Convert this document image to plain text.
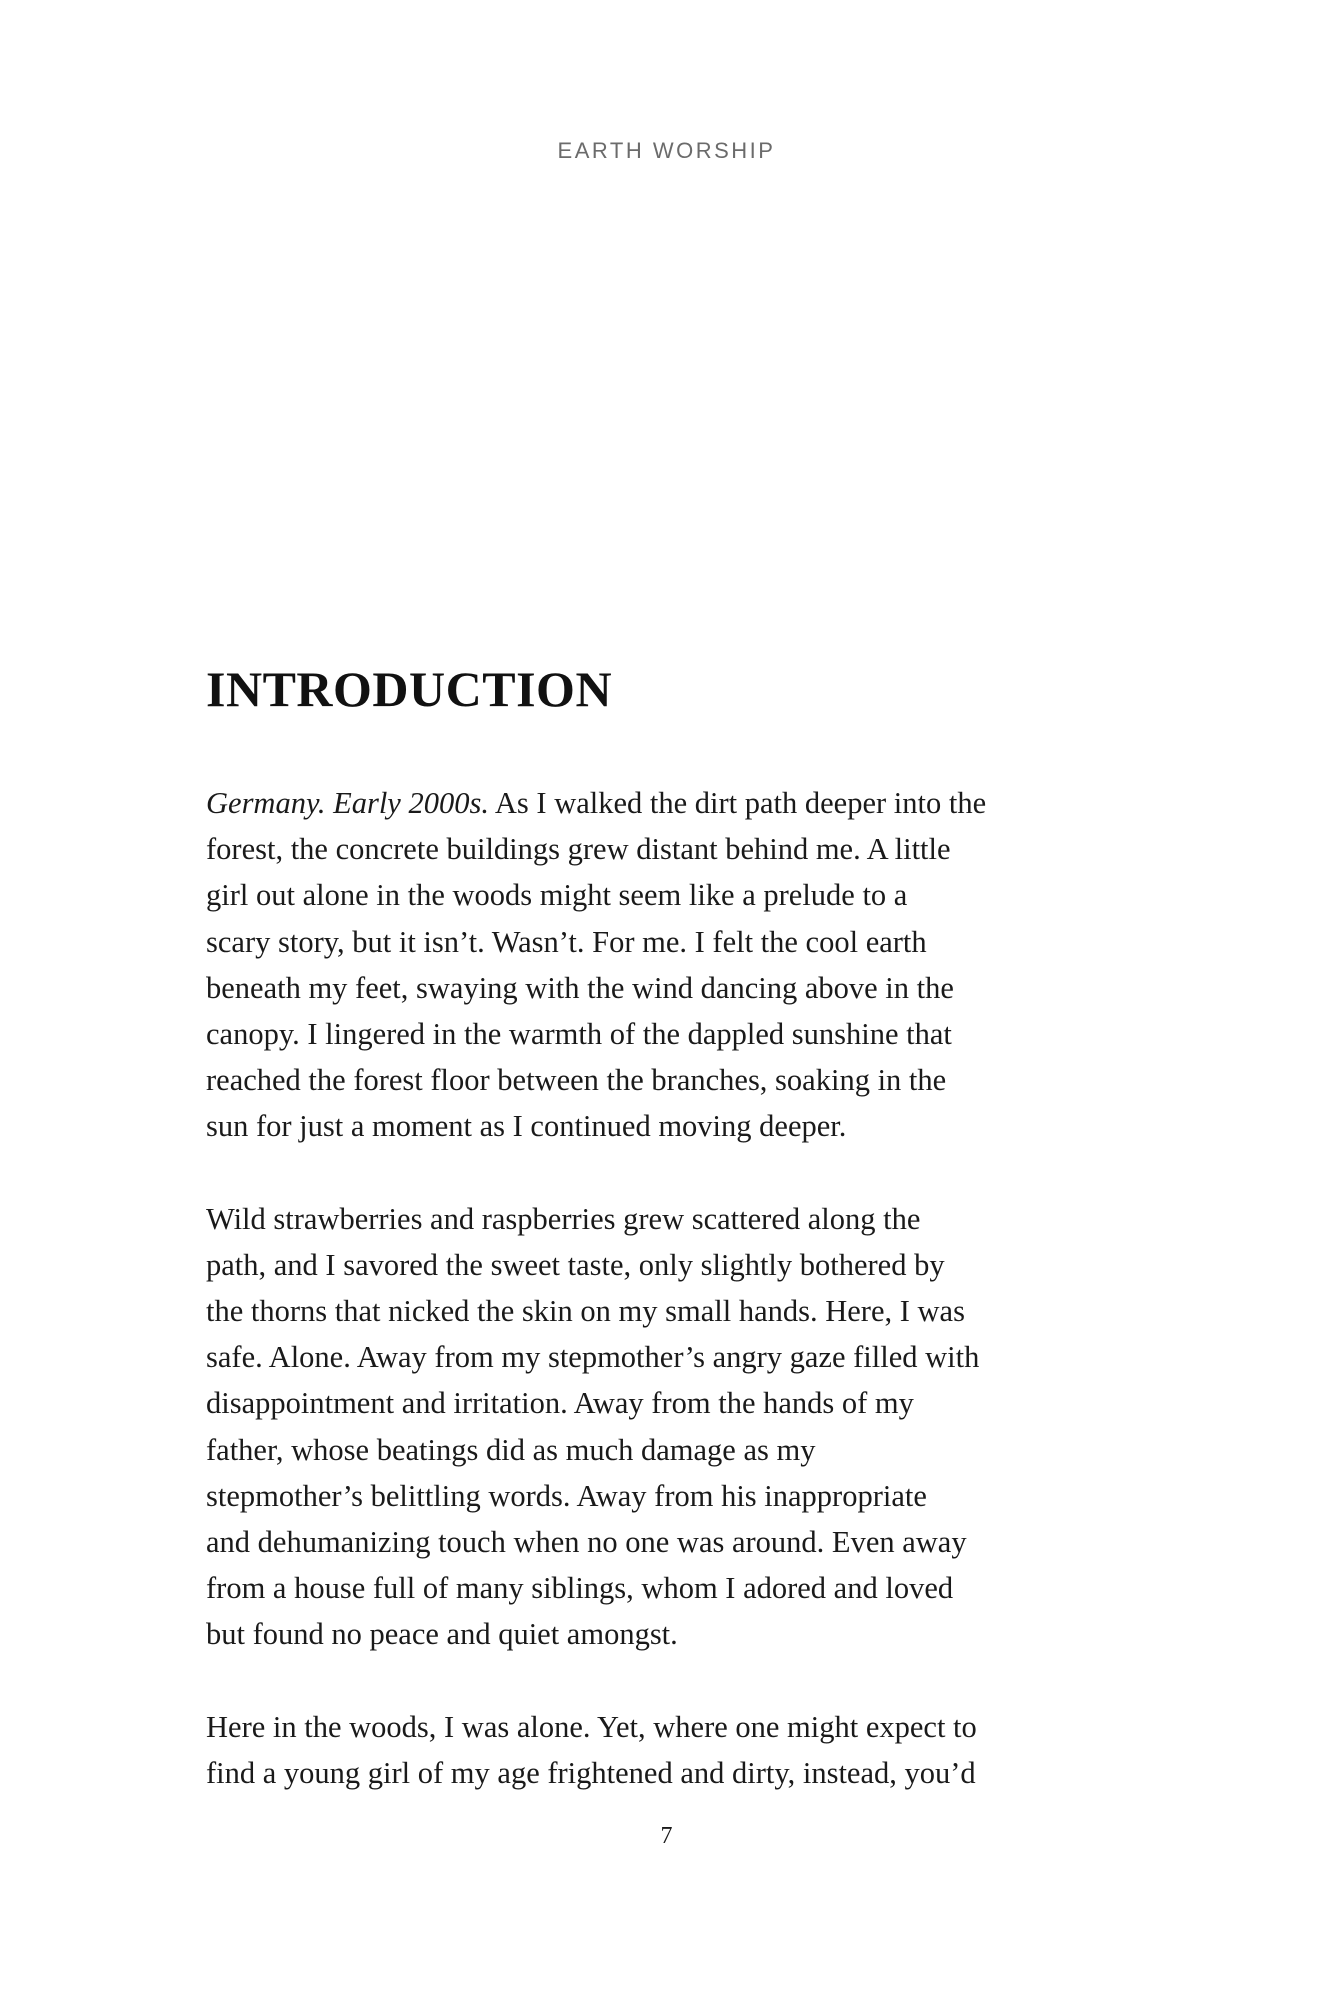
EARTH WORSHIP
INTRODUCTION

Germany. Early 2000s. As I walked the dirt path deeper into the
forest, the concrete buildings grew distant behind me. A little
girl out alone in the woods might seem like a prelude to a
scary story, but it isn’t. Wasn’t. For me. I felt the cool earth
beneath my feet, swaying with the wind dancing above in the
canopy. I lingered in the warmth of the dappled sunshine that
reached the forest floor between the branches, soaking in the
sun for just a moment as I continued moving deeper.

Wild strawberries and raspberries grew scattered along the
path, and I savored the sweet taste, only slightly bothered by
the thorns that nicked the skin on my small hands. Here, I was
safe. Alone. Away from my stepmother’s angry gaze filled with
disappointment and irritation. Away from the hands of my
father, whose beatings did as much damage as my
stepmother’s belittling words. Away from his inappropriate
and dehumanizing touch when no one was around. Even away
from a house full of many siblings, whom I adored and loved
but found no peace and quiet amongst.

Here in the woods, I was alone. Yet, where one might expect to
find a young girl of my age frightened and dirty, instead, you’d

7
